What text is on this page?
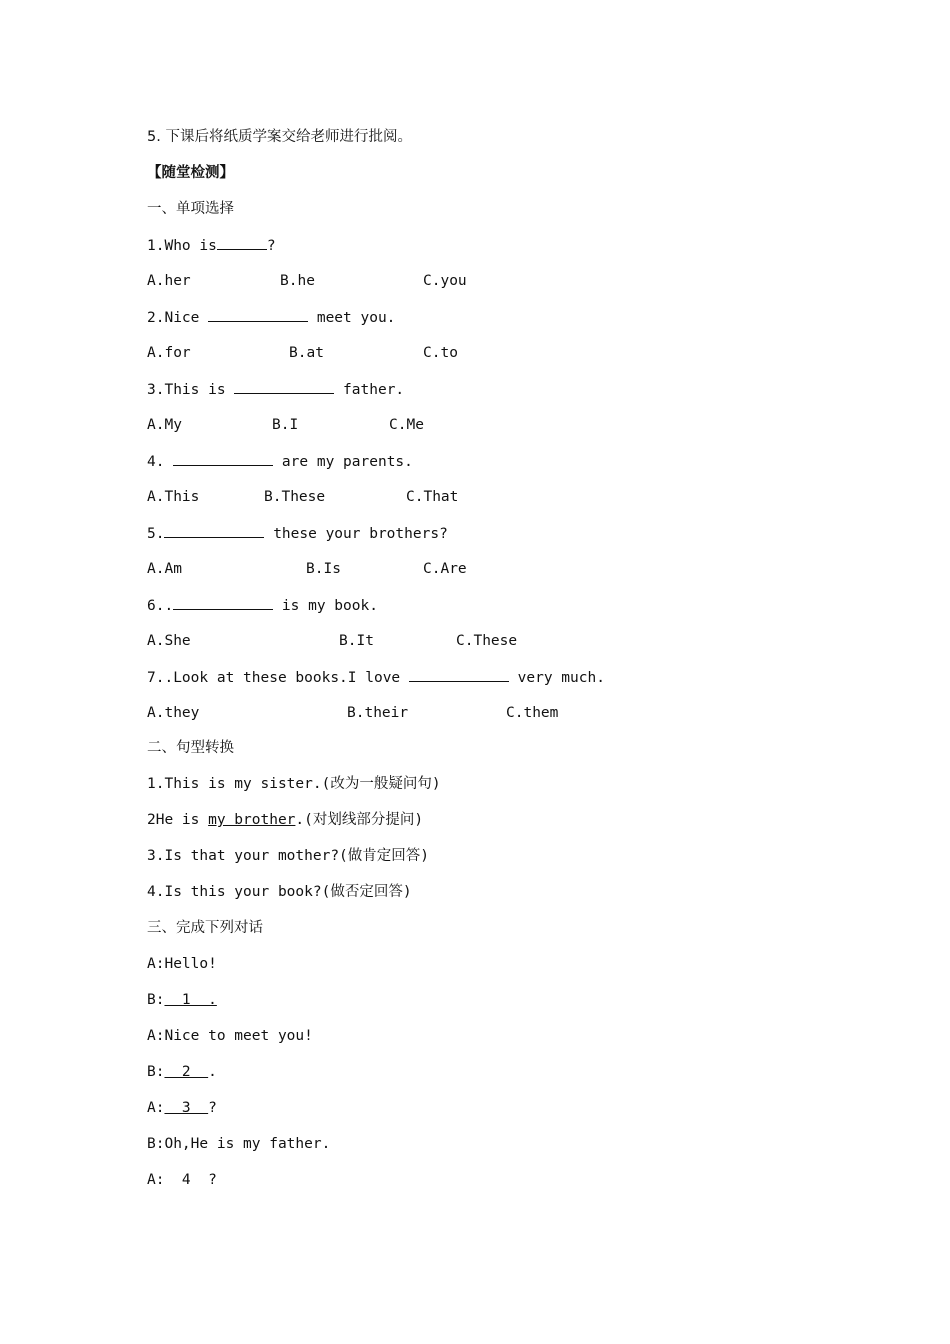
5. 下课后将纸质学案交给老师进行批阅。
【随堂检测】
一、单项选择
1.Who is	?
A.her	B.he	C.you
2.Nice	meet you.
A.for	B.at	C.to
3.This is	father.
A.My	B.I	C.Me
4.	are my parents.
A.This	B.These	C.That
5.	these your brothers?
A.Am	B.Is	C.Are
6..	is my book.
A.She	B.It	C.These
7..Look at these books.I love	very much.
A.they	B.their	C.them
二、句型转换
1.This is my sister.(改为一般疑问句)
2He is my brother.(对划线部分提问)
3.Is that your mother?(做肯定回答)
4.Is this your book?(做否定回答)
三、完成下列对话
A:Hello!
B:  1  .
A:Nice to meet you!
B:  2  .
A:  3  ?
B:Oh,He is my father.
A:  4  ?
